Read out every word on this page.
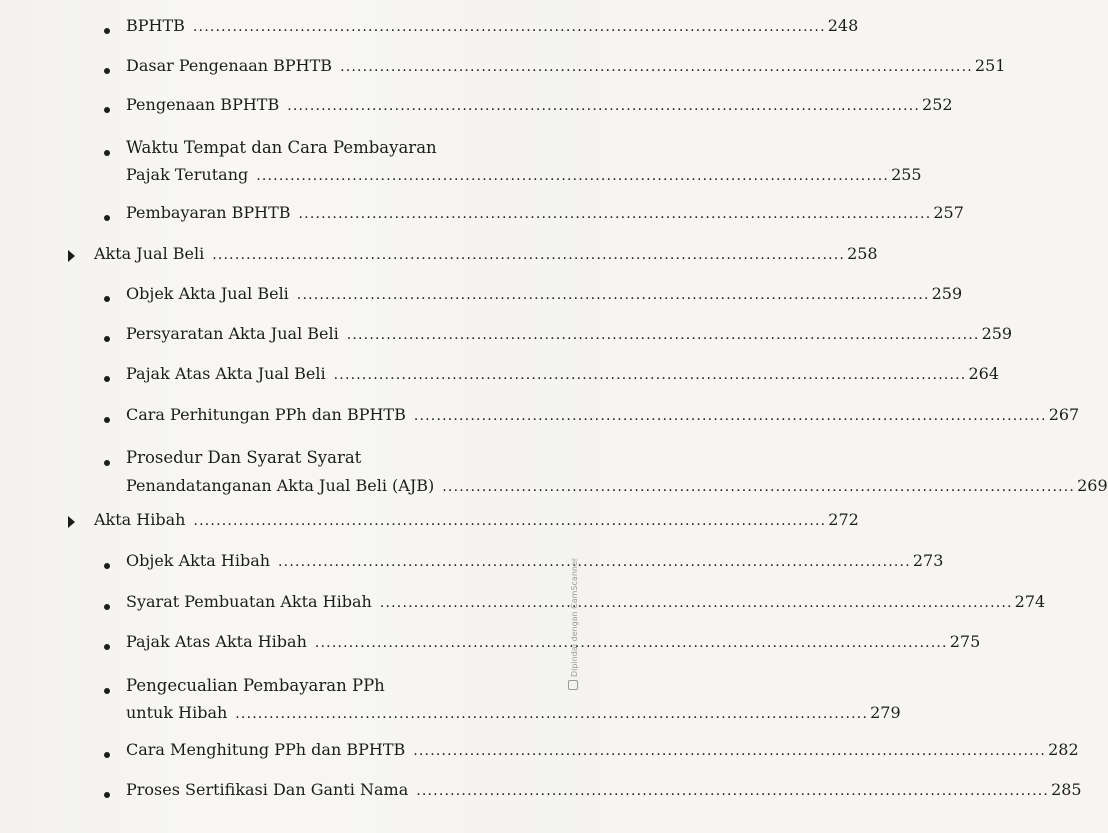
BPHTB ................................................................................................................ 248
Dasar Pengenaan BPHTB ................................................................................................................ 251
Pengenaan BPHTB ................................................................................................................ 252
Waktu Tempat dan Cara Pembayaran
Pajak Terutang ................................................................................................................ 255
Pembayaran BPHTB ................................................................................................................ 257
Akta Jual Beli ................................................................................................................ 258
Objek Akta Jual Beli ................................................................................................................ 259
Persyaratan Akta Jual Beli ................................................................................................................ 259
Pajak Atas Akta Jual Beli ................................................................................................................ 264
Cara Perhitungan PPh dan BPHTB ................................................................................................................ 267
Prosedur Dan Syarat Syarat
Penandatanganan Akta Jual Beli (AJB) ................................................................................................................ 269
Akta Hibah ................................................................................................................ 272
Objek Akta Hibah ................................................................................................................ 273
Syarat Pembuatan Akta Hibah ................................................................................................................ 274
Pajak Atas Akta Hibah ................................................................................................................ 275
Pengecualian Pembayaran PPh
untuk Hibah ................................................................................................................ 279
Cara Menghitung PPh dan BPHTB ................................................................................................................ 282
Proses Sertifikasi Dan Ganti Nama ................................................................................................................ 285
Dipindai dengan CamScanner
